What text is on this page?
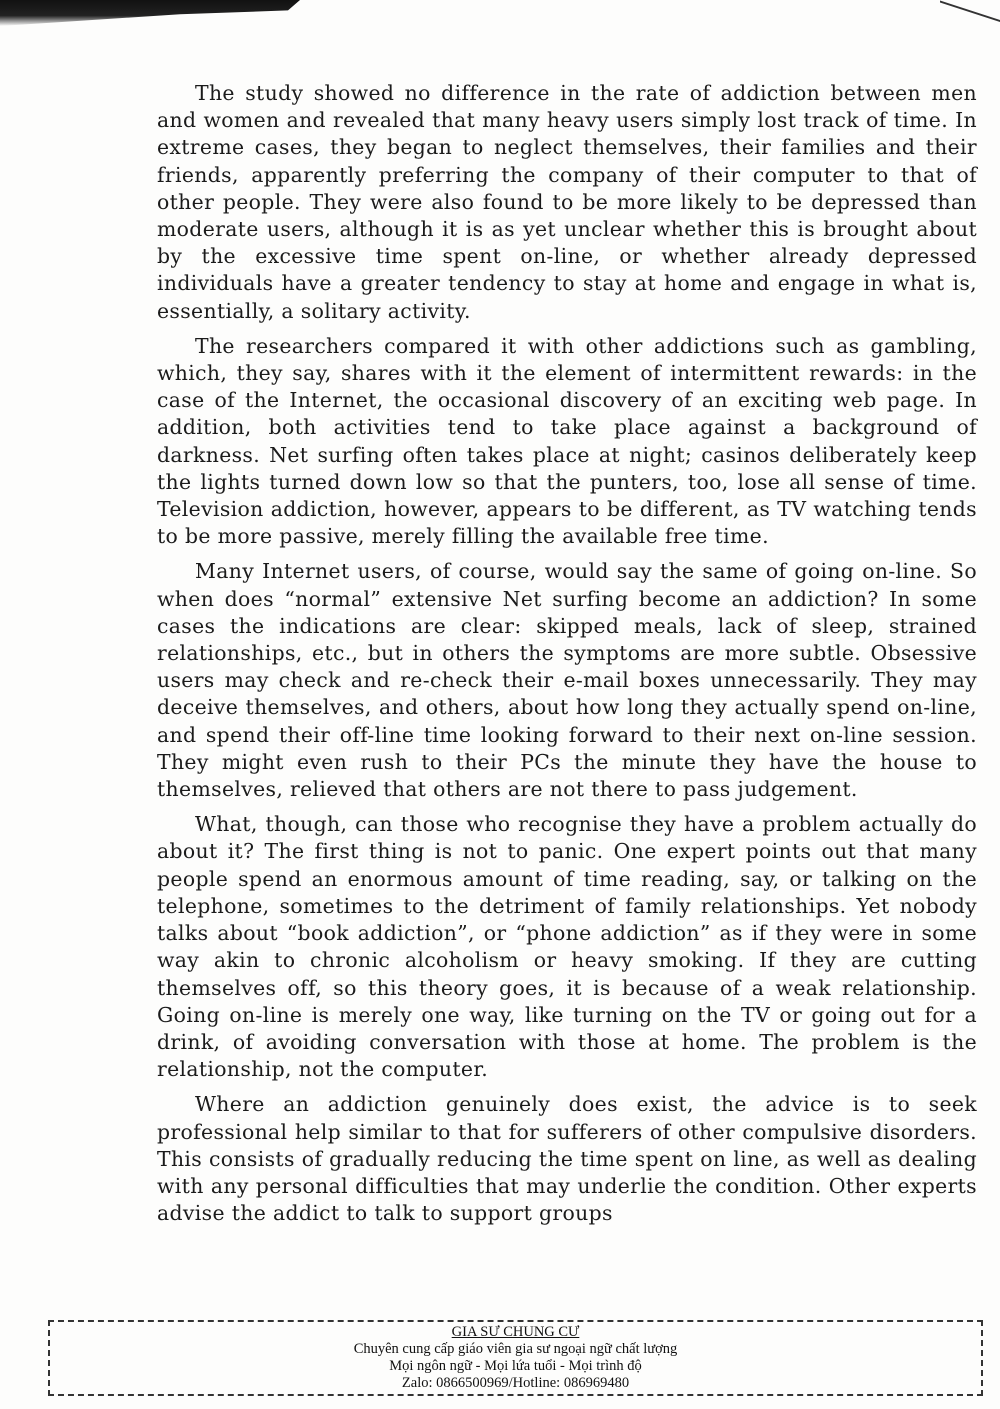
The study showed no difference in the rate of addiction between men and women and revealed that many heavy users simply lost track of time. In extreme cases, they began to neglect themselves, their families and their friends, apparently preferring the company of their computer to that of other people. They were also found to be more likely to be depressed than moderate users, although it is as yet unclear whether this is brought about by the excessive time spent on-line, or whether already depressed individuals have a greater tendency to stay at home and engage in what is, essentially, a solitary activity.

The researchers compared it with other addictions such as gambling, which, they say, shares with it the element of intermittent rewards: in the case of the Internet, the occasional discovery of an exciting web page. In addition, both activities tend to take place against a background of darkness. Net surfing often takes place at night; casinos deliberately keep the lights turned down low so that the punters, too, lose all sense of time. Television addiction, however, appears to be different, as TV watching tends to be more passive, merely filling the available free time.

Many Internet users, of course, would say the same of going on-line. So when does “normal” extensive Net surfing become an addiction? In some cases the indications are clear: skipped meals, lack of sleep, strained relationships, etc., but in others the symptoms are more subtle. Obsessive users may check and re-check their e-mail boxes unnecessarily. They may deceive themselves, and others, about how long they actually spend on-line, and spend their off-line time looking forward to their next on-line session. They might even rush to their PCs the minute they have the house to themselves, relieved that others are not there to pass judgement.

What, though, can those who recognise they have a problem actually do about it? The first thing is not to panic. One expert points out that many people spend an enormous amount of time reading, say, or talking on the telephone, sometimes to the detriment of family relationships. Yet nobody talks about “book addiction”, or “phone addiction” as if they were in some way akin to chronic alcoholism or heavy smoking. If they are cutting themselves off, so this theory goes, it is because of a weak relationship. Going on-line is merely one way, like turning on the TV or going out for a drink, of avoiding conversation with those at home. The problem is the relationship, not the computer.

Where an addiction genuinely does exist, the advice is to seek professional help similar to that for sufferers of other compulsive disorders. This consists of gradually reducing the time spent on line, as well as dealing with any personal difficulties that may underlie the condition. Other experts advise the addict to talk to support groups

GIA SƯ CHUNG CƯ
Chuyên cung cấp giáo viên gia sư ngoại ngữ chất lượng
Mọi ngôn ngữ - Mọi lứa tuổi - Mọi trình độ
Zalo: 0866500969/Hotline: 086969480
